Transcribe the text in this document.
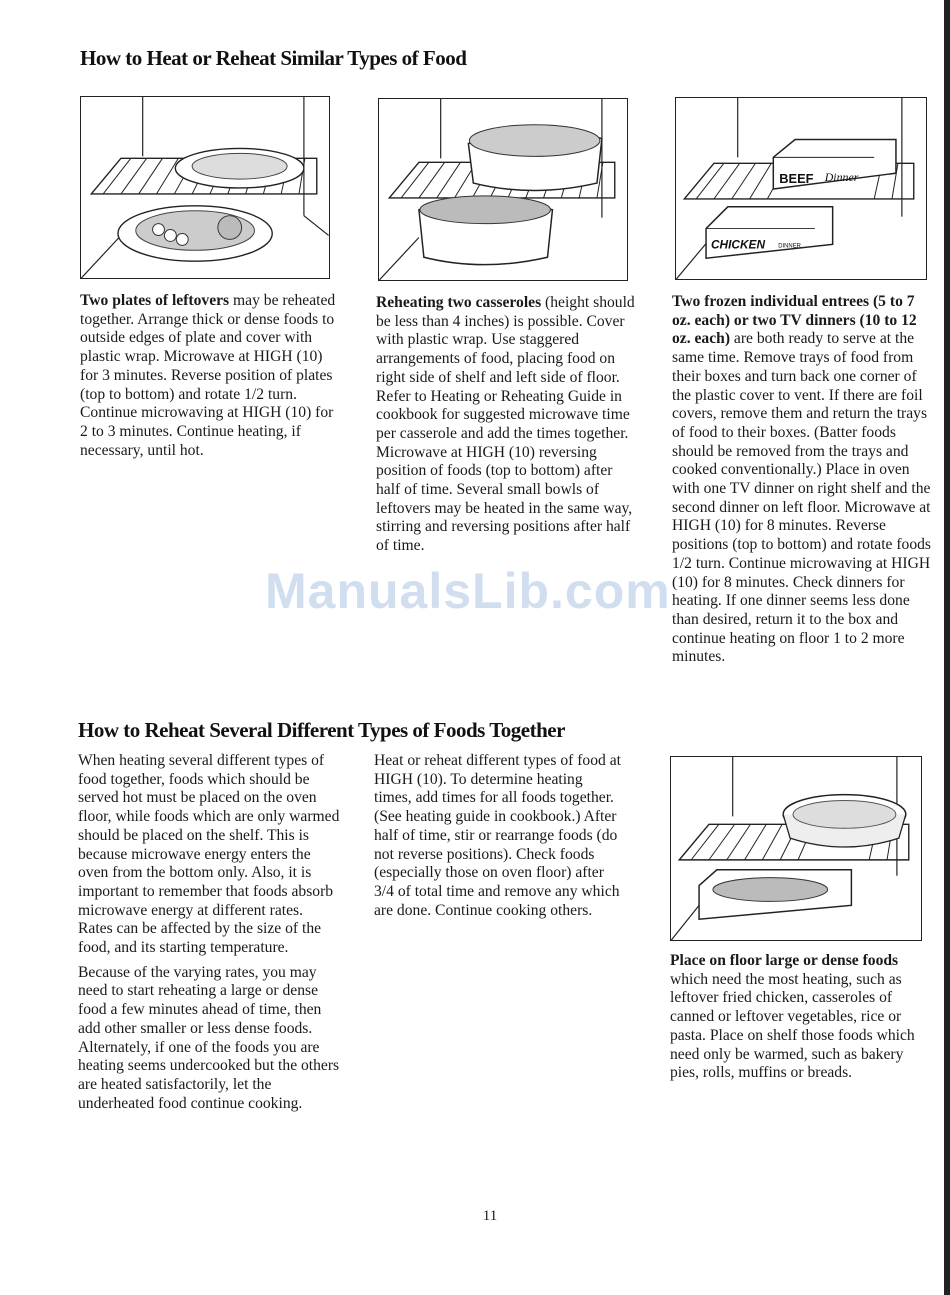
How to Heat or Reheat Similar Types of Food
BEEF Dinner
CHICKEN DINNER

Two plates of leftovers may be reheated together. Arrange thick or dense foods to outside edges of plate and cover with plastic wrap. Microwave at HIGH (10) for 3 minutes. Reverse position of plates (top to bottom) and rotate 1/2 turn. Continue microwaving at HIGH (10) for 2 to 3 minutes. Continue heating, if necessary, until hot.

Reheating two casseroles (height should be less than 4 inches) is possible. Cover with plastic wrap. Use staggered arrangements of food, placing food on right side of shelf and left side of floor. Refer to Heating or Reheating Guide in cookbook for suggested microwave time per casserole and add the times together. Microwave at HIGH (10) reversing position of foods (top to bottom) after half of time. Several small bowls of leftovers may be heated in the same way, stirring and reversing positions after half of time.

Two frozen individual entrees (5 to 7 oz. each) or two TV dinners (10 to 12 oz. each) are both ready to serve at the same time. Remove trays of food from their boxes and turn back one corner of the plastic cover to vent. If there are foil covers, remove them and return the trays of food to their boxes. (Batter foods should be removed from the trays and cooked conventionally.) Place in oven with one TV dinner on right shelf and the second dinner on left floor. Microwave at HIGH (10) for 8 minutes. Reverse positions (top to bottom) and rotate foods 1/2 turn. Continue microwaving at HIGH (10) for 8 minutes. Check dinners for heating. If one dinner seems less done than desired, return it to the box and continue heating on floor 1 to 2 more minutes.

How to Reheat Several Different Types of Foods Together

When heating several different types of food together, foods which should be served hot must be placed on the oven floor, while foods which are only warmed should be placed on the shelf. This is because microwave energy enters the oven from the bottom only. Also, it is important to remember that foods absorb microwave energy at different rates. Rates can be affected by the size of the food, and its starting temperature.

Because of the varying rates, you may need to start reheating a large or dense food a few minutes ahead of time, then add other smaller or less dense foods. Alternately, if one of the foods you are heating seems undercooked but the others are heated satisfactorily, let the underheated food continue cooking.

Heat or reheat different types of food at HIGH (10). To determine heating times, add times for all foods together. (See heating guide in cookbook.) After half of time, stir or rearrange foods (do not reverse positions). Check foods (especially those on oven floor) after 3/4 of total time and remove any which are done. Continue cooking others.

Place on floor large or dense foods which need the most heating, such as leftover fried chicken, casseroles of canned or leftover vegetables, rice or pasta. Place on shelf those foods which need only be warmed, such as bakery pies, rolls, muffins or breads.

ManualsLib.com
11
